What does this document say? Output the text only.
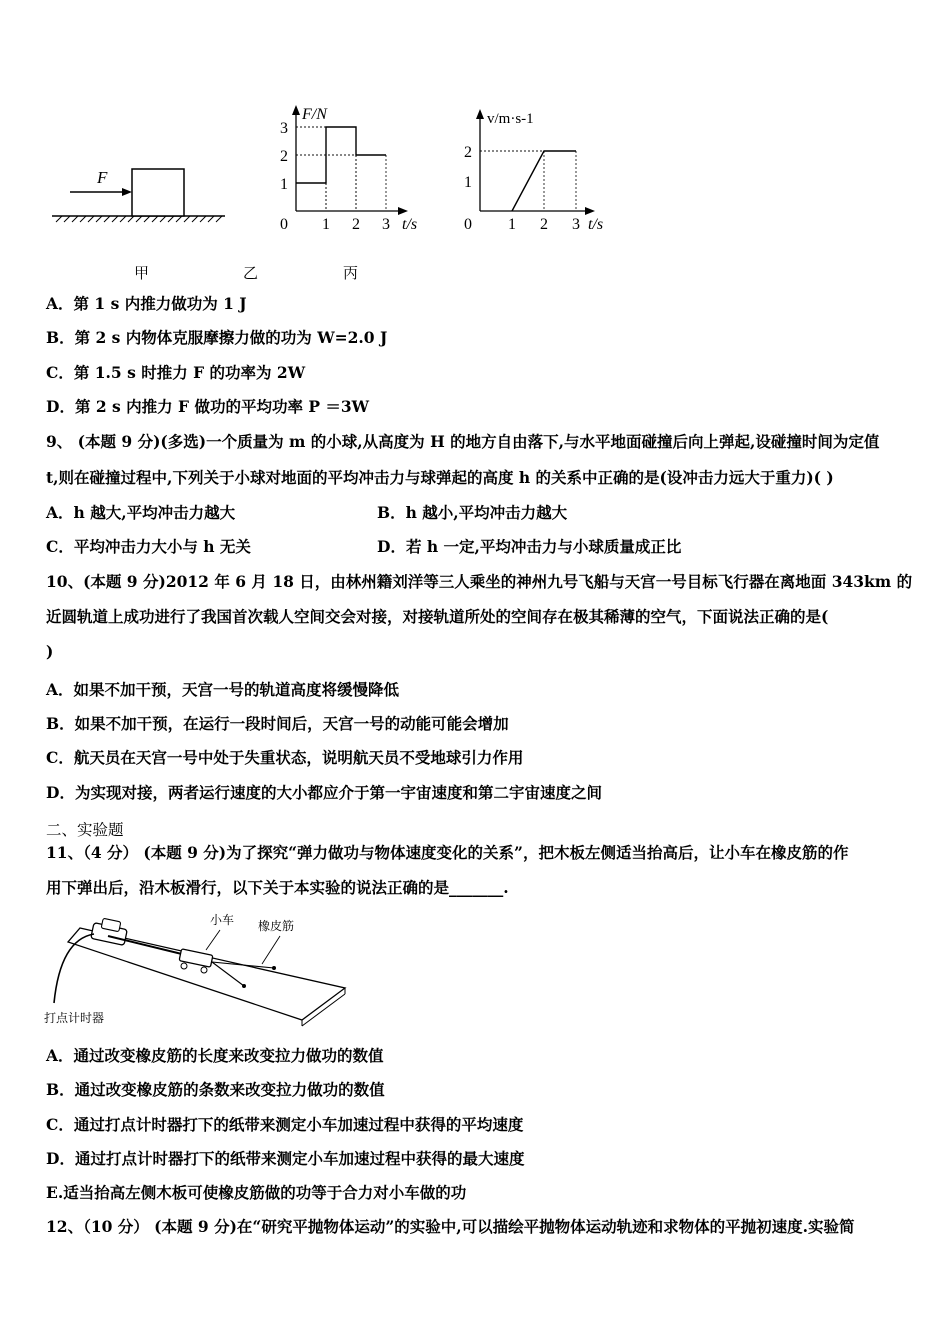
F
F/N
1
2
3
0 1 2 3 t/s
v/m·s-1
1
2
0 1 2 3 t/s
甲	乙	丙
A．第 1 s 内推力做功为 1 J
B．第 2 s 内物体克服摩擦力做的功为 W=2.0 J
C．第 1.5 s 时推力 F 的功率为 2W
D．第 2 s 内推力 F 做功的平均功率 P ＝3W
9、 (本题 9 分)(多选)一个质量为 m 的小球,从高度为 H 的地方自由落下,与水平地面碰撞后向上弹起,设碰撞时间为定值
t,则在碰撞过程中,下列关于小球对地面的平均冲击力与球弹起的高度 h 的关系中正确的是(设冲击力远大于重力)( )
A．h 越大,平均冲击力越大	B．h 越小,平均冲击力越大
C．平均冲击力大小与 h 无关	D．若 h 一定,平均冲击力与小球质量成正比
10、(本题 9 分)2012 年 6 月 18 日，由林州籍刘洋等三人乘坐的神州九号飞船与天宫一号目标飞行器在离地面 343km 的
近圆轨道上成功进行了我国首次载人空间交会对接，对接轨道所处的空间存在极其稀薄的空气，下面说法正确的是(
)
A．如果不加干预，天宫一号的轨道高度将缓慢降低
B．如果不加干预，在运行一段时间后，天宫一号的动能可能会增加
C．航天员在天宫一号中处于失重状态，说明航天员不受地球引力作用
D．为实现对接，两者运行速度的大小都应介于第一宇宙速度和第二宇宙速度之间
二、实验题
11、（4 分） (本题 9 分)为了探究“弹力做功与物体速度变化的关系”，把木板左侧适当抬高后，让小车在橡皮筋的作
用下弹出后，沿木板滑行，以下关于本实验的说法正确的是_______.
小车 橡皮筋
打点计时器
A．通过改变橡皮筋的长度来改变拉力做功的数值
B．通过改变橡皮筋的条数来改变拉力做功的数值
C．通过打点计时器打下的纸带来测定小车加速过程中获得的平均速度
D．通过打点计时器打下的纸带来测定小车加速过程中获得的最大速度
E.适当抬高左侧木板可使橡皮筋做的功等于合力对小车做的功
12、（10 分） (本题 9 分)在“研究平抛物体运动”的实验中,可以描绘平抛物体运动轨迹和求物体的平抛初速度.实验简
